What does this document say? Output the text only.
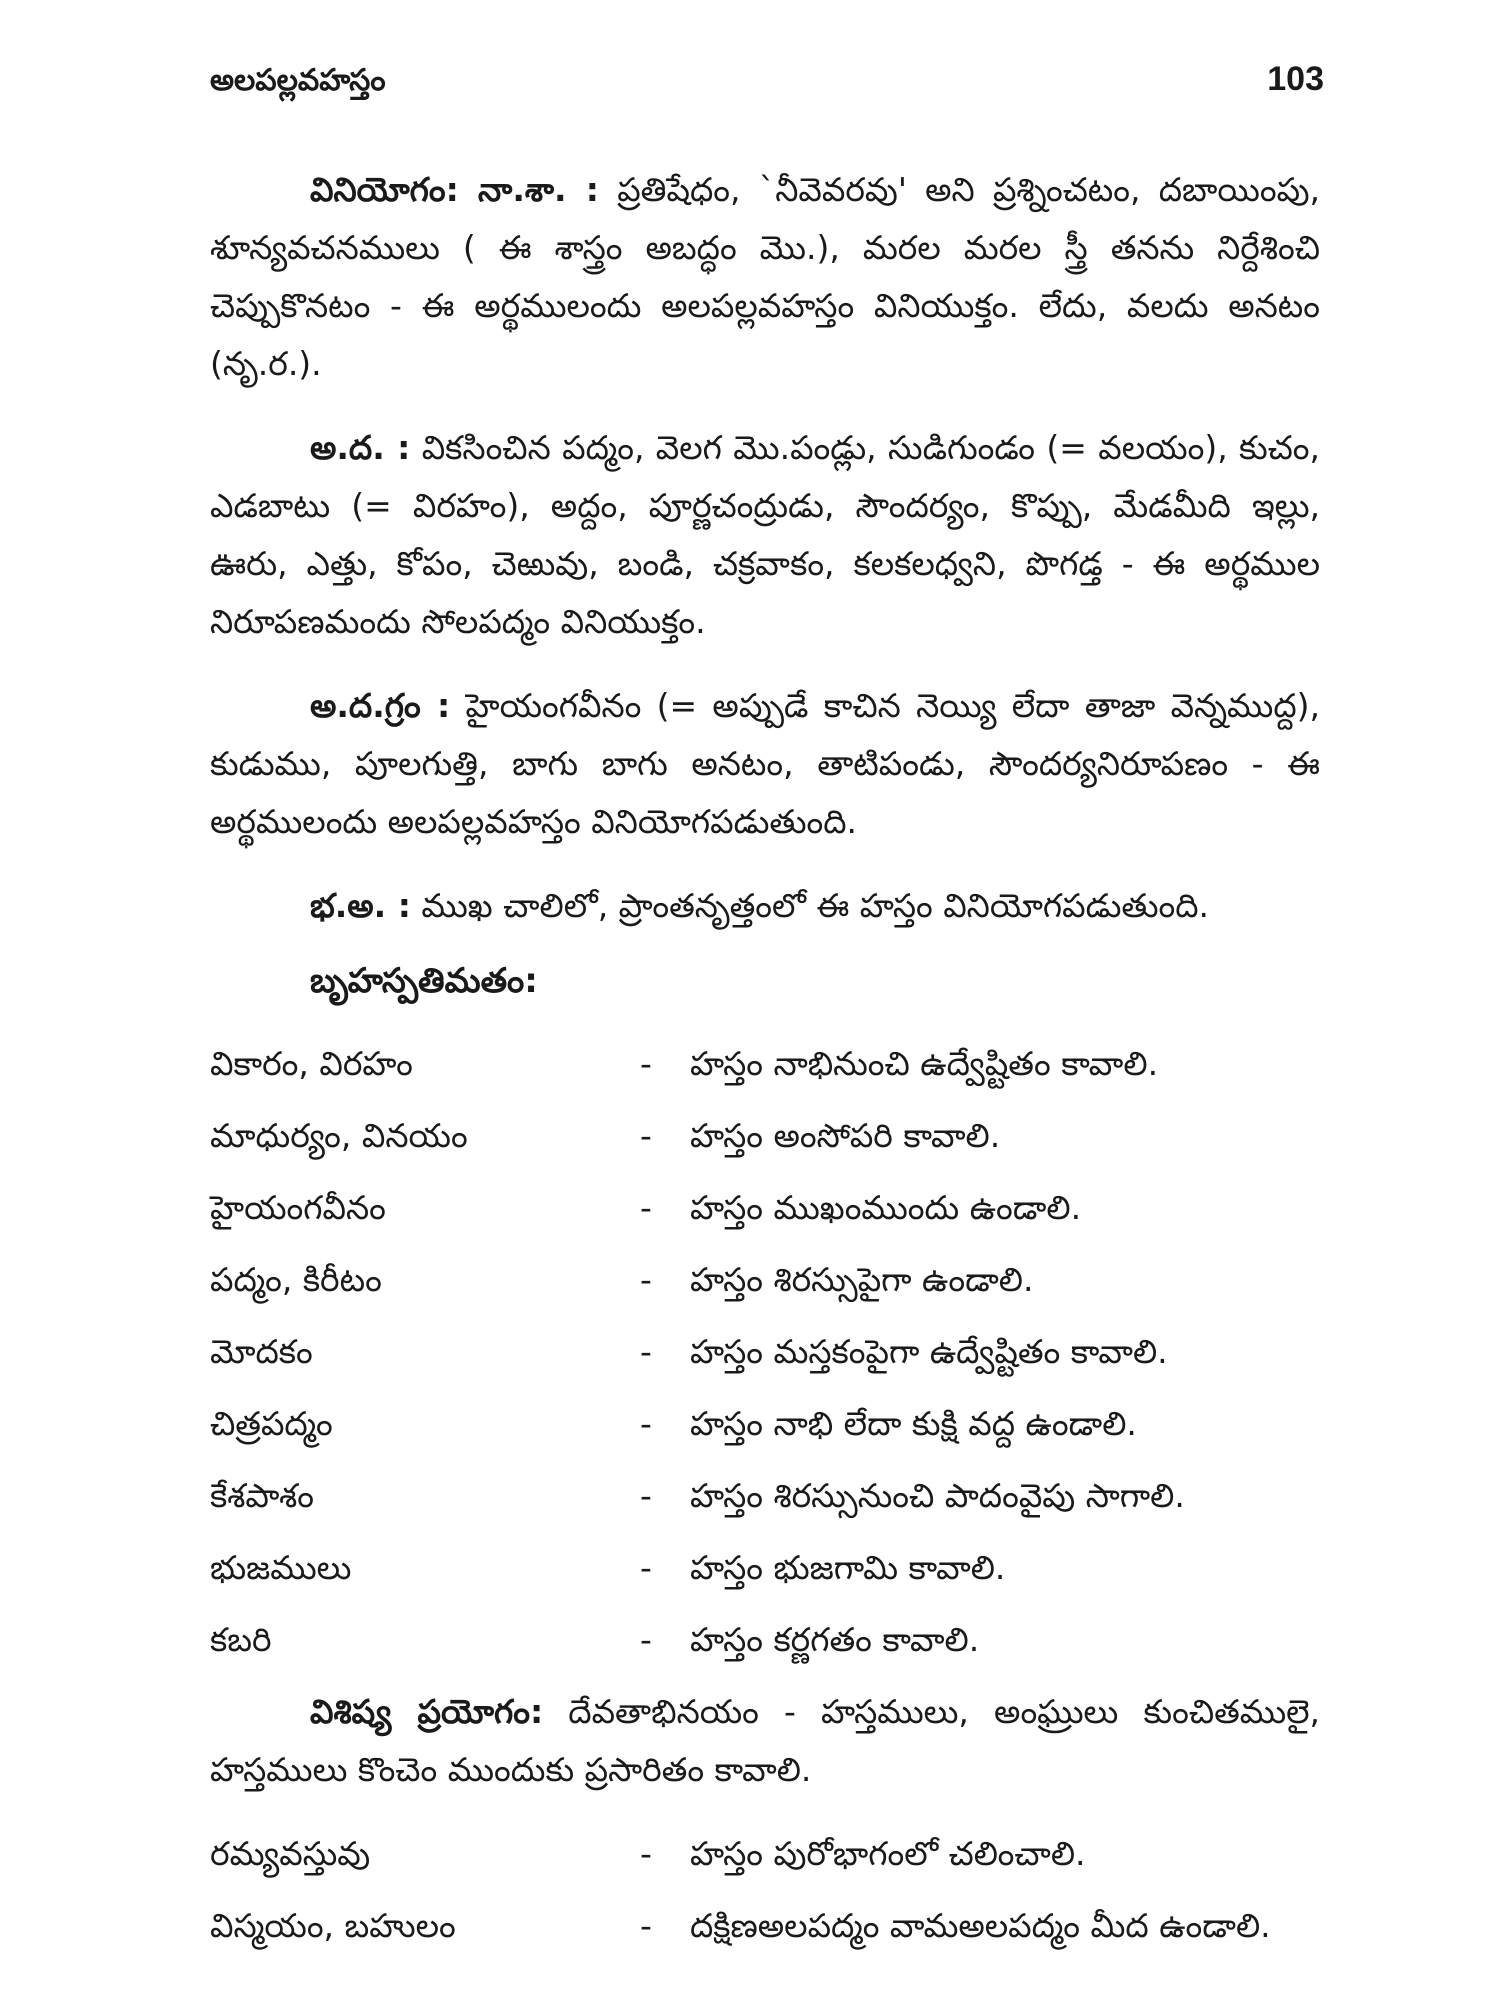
అలపల్లవహస్తం	103

వినియోగం: నా.శా. : ప్రతిషేధం, `నీవెవరవు' అని ప్రశ్నించటం, దబాయింపు, శూన్యవచనములు ( ఈ శాస్త్రం అబద్ధం మొ.), మరల మరల స్త్రీ తనను నిర్దేశించి చెప్పుకొనటం - ఈ అర్థములందు అలపల్లవహస్తం వినియుక్తం. లేదు, వలదు అనటం (నృ.ర.).

అ.ద. : వికసించిన పద్మం, వెలగ మొ.పండ్లు, సుడిగుండం (= వలయం), కుచం, ఎడబాటు (= విరహం), అద్దం, పూర్ణచంద్రుడు, సౌందర్యం, కొప్పు, మేడమీది ఇల్లు, ఊరు, ఎత్తు, కోపం, చెఱువు, బండి, చక్రవాకం, కలకలధ్వని, పొగడ్త - ఈ అర్థముల నిరూపణమందు సోలపద్మం వినియుక్తం.

అ.ద.గ్రం : హైయంగవీనం (= అప్పుడే కాచిన నెయ్యి లేదా తాజా వెన్నముద్ద), కుడుము, పూలగుత్తి, బాగు బాగు అనటం, తాటిపండు, సౌందర్యనిరూపణం - ఈ అర్థములందు అలపల్లవహస్తం వినియోగపడుతుంది.

భ.అ. : ముఖ చాలిలో, ప్రాంతనృత్తంలో ఈ హస్తం వినియోగపడుతుంది.

బృహస్పతిమతం:
వికారం, విరహం	-	హస్తం నాభినుంచి ఉద్వేష్టితం కావాలి.
మాధుర్యం, వినయం	-	హస్తం అంసోపరి కావాలి.
హైయంగవీనం	-	హస్తం ముఖంముందు ఉండాలి.
పద్మం, కిరీటం	-	హస్తం శిరస్సుపైగా ఉండాలి.
మోదకం	-	హస్తం మస్తకంపైగా ఉద్వేష్టితం కావాలి.
చిత్రపద్మం	-	హస్తం నాభి లేదా కుక్షి వద్ద ఉండాలి.
కేశపాశం	-	హస్తం శిరస్సునుంచి పాదంవైపు సాగాలి.
భుజములు	-	హస్తం భుజగామి కావాలి.
కబరి	-	హస్తం కర్ణగతం కావాలి.

విశిష్య ప్రయోగం: దేవతాభినయం - హస్తములు, అంఘ్రులు కుంచితములై, హస్తములు కొంచెం ముందుకు ప్రసారితం కావాలి.

రమ్యవస్తువు	-	హస్తం పురోభాగంలో చలించాలి.
విస్మయం, బహులం	-	దక్షిణఅలపద్మం వామఅలపద్మం మీద ఉండాలి.
